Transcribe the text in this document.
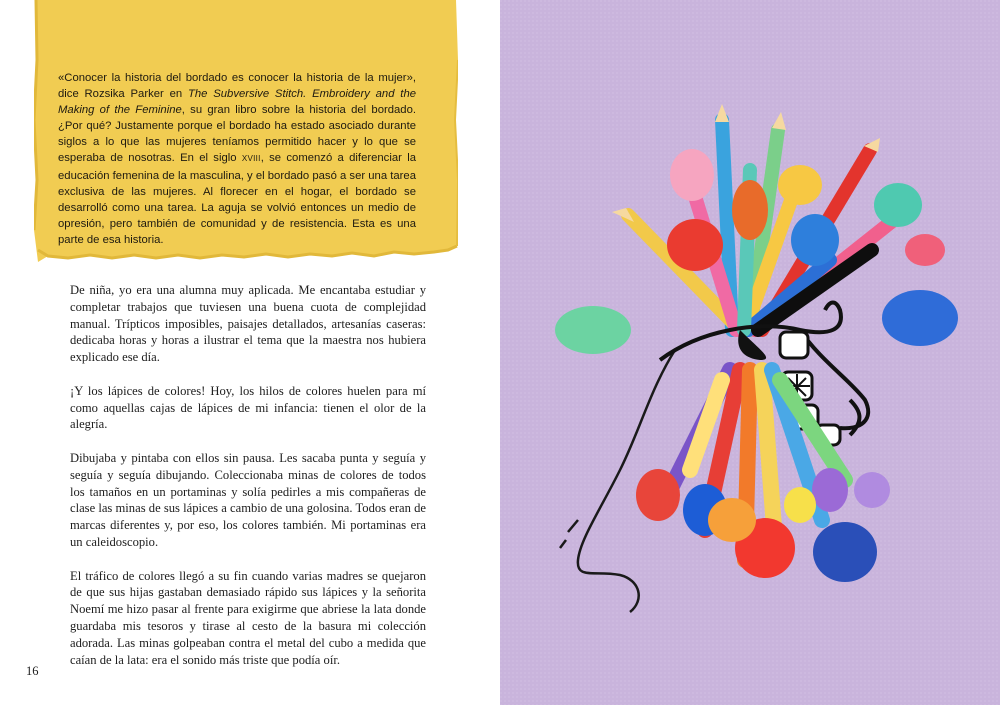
«Conocer la historia del bordado es conocer la historia de la mujer», dice Rozsika Parker en The Subversive Stitch. Embroidery and the Making of the Feminine, su gran libro sobre la historia del bordado. ¿Por qué? Justamente porque el bordado ha estado asociado durante siglos a lo que las mujeres teníamos permitido hacer y lo que se esperaba de nosotras. En el siglo XVIII, se comenzó a diferenciar la educación femenina de la masculina, y el bordado pasó a ser una tarea exclusiva de las mujeres. Al florecer en el hogar, el bordado se desarrolló como una tarea. La aguja se volvió entonces un medio de opresión, pero también de comunidad y de resistencia. Esta es una parte de esa historia.

De niña, yo era una alumna muy aplicada. Me encantaba estudiar y completar trabajos que tuviesen una buena cuota de complejidad manual. Trípticos imposibles, paisajes detallados, artesanías caseras: dedicaba horas y horas a ilustrar el tema que la maestra nos hubiera explicado ese día.

¡Y los lápices de colores! Hoy, los hilos de colores huelen para mí como aquellas cajas de lápices de mi infancia: tienen el olor de la alegría.

Dibujaba y pintaba con ellos sin pausa. Les sacaba punta y seguía y seguía y seguía dibujando. Coleccionaba minas de colores de todos los tamaños en un portaminas y solía pedirles a mis compañeras de clase las minas de sus lápices a cambio de una golosina. Todos eran de marcas diferentes y, por eso, los colores también. Mi portaminas era un caleidoscopio.

El tráfico de colores llegó a su fin cuando varias madres se quejaron de que sus hijas gastaban demasiado rápido sus lápices y la señorita Noemí me hizo pasar al frente para exigirme que abriese la lata donde guardaba mis tesoros y tirase al cesto de la basura mi colección adorada. Las minas golpeaban contra el metal del cubo a medida que caían de la lata: era el sonido más triste que podía oír.

16
